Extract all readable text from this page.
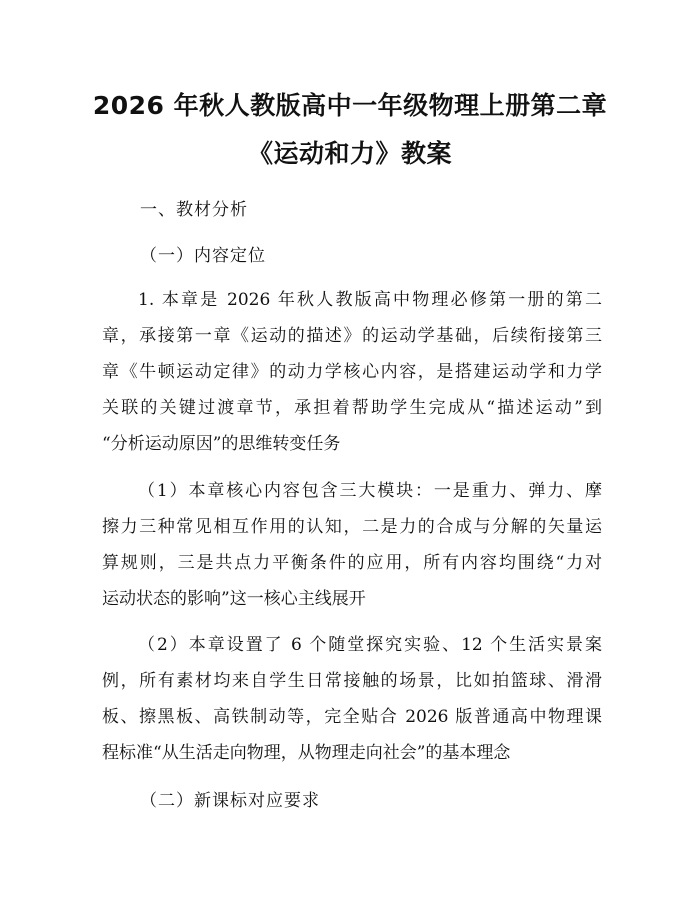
2026 年秋人教版高中一年级物理上册第二章
《运动和力》教案

一、教材分析

（一）内容定位

1. 本章是 2026 年秋人教版高中物理必修第一册的第二
章，承接第一章《运动的描述》的运动学基础，后续衔接第三
章《牛顿运动定律》的动力学核心内容，是搭建运动学和力学
关联的关键过渡章节，承担着帮助学生完成从“描述运动”到
“分析运动原因”的思维转变任务
（1）本章核心内容包含三大模块：一是重力、弹力、摩
擦力三种常见相互作用的认知，二是力的合成与分解的矢量运
算规则，三是共点力平衡条件的应用，所有内容均围绕“力对
运动状态的影响”这一核心主线展开
（2）本章设置了 6 个随堂探究实验、12 个生活实景案
例，所有素材均来自学生日常接触的场景，比如拍篮球、滑滑
板、擦黑板、高铁制动等，完全贴合 2026 版普通高中物理课
程标准“从生活走向物理，从物理走向社会”的基本理念

（二）新课标对应要求
